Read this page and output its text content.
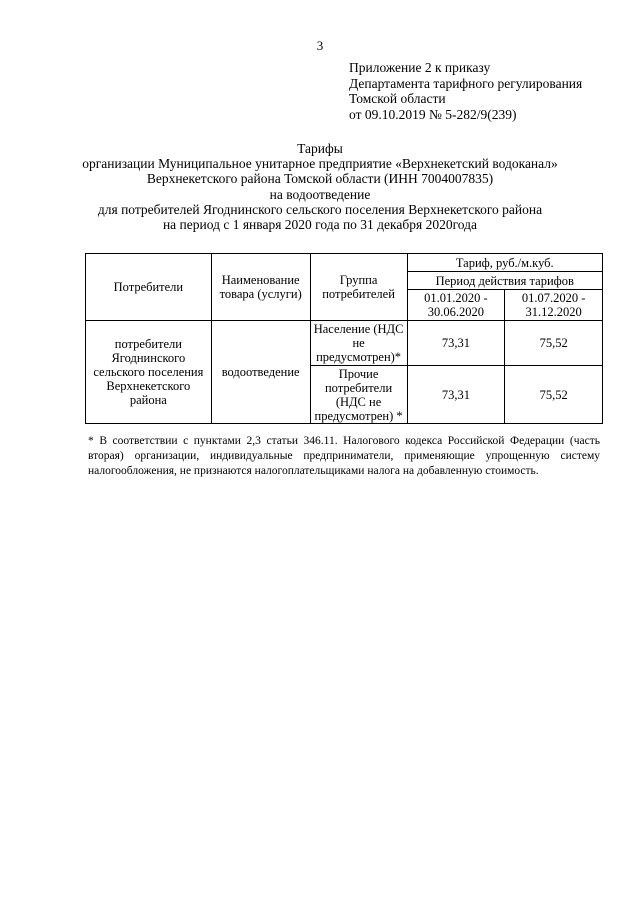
3
Приложение 2 к приказу
Департамента тарифного регулирования
Томской области
от 09.10.2019 № 5-282/9(239)
Тарифы
организации Муниципальное унитарное предприятие «Верхнекетский водоканал»
Верхнекетского района Томской области (ИНН 7004007835)
на водоотведение
для потребителей Ягоднинского сельского поселения Верхнекетского района
на период с 1 января 2020 года по 31 декабря 2020года
Потребители	Наименование товара (услуги)	Группа потребителей	Тариф, руб./м.куб.	
			Период действия тарифов	
			01.01.2020 - 30.06.2020	01.07.2020 - 31.12.2020
потребители Ягоднинского сельского поселения Верхнекетского района	водоотведение	Население (НДС не предусмотрен)*	73,31	75,52
		Прочие потребители (НДС не предусмотрен) *	73,31	75,52
* В соответствии с пунктами 2,3 статьи 346.11. Налогового кодекса Российской Федерации (часть вторая) организации, индивидуальные предприниматели, применяющие упрощенную систему налогообложения, не признаются налогоплательщиками налога на добавленную стоимость.
